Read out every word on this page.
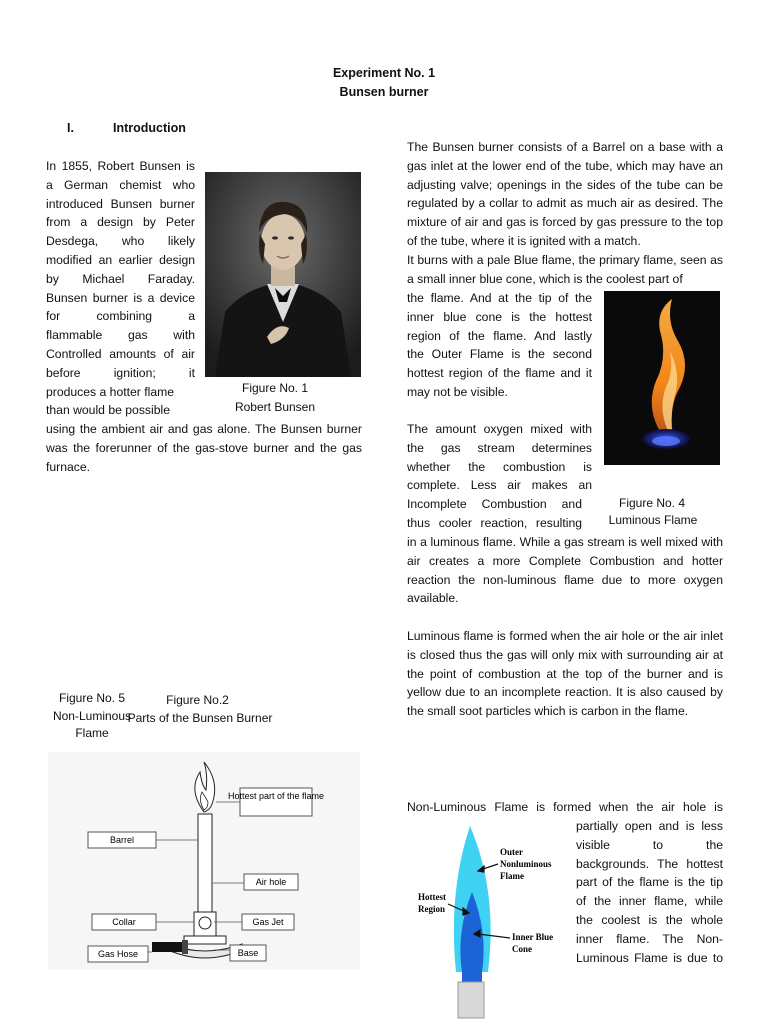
Experiment No. 1
Bunsen burner
I.	Introduction
In 1855, Robert Bunsen is
a German chemist who
introduced Bunsen burner
from a design by Peter
Desdega, who likely
modified an earlier design
by Michael Faraday.
Bunsen burner is a device
for combining a
flammable gas with
Controlled amounts of air
before ignition; it
produces a hotter flame
than would be possible
using the ambient air and gas alone. The Bunsen burner was the forerunner of the gas-stove burner and the gas furnace.
Figure No. 1
Robert Bunsen
Figure No. 5
Non-Luminous
Flame
Figure No.2
Parts of the Bunsen Burner
Hottest part of the flame
Barrel
Air hole
Collar	Gas Jet
Gas Hose	Base
The Bunsen burner consists of a Barrel on a base with a gas inlet at the lower end of the tube, which may have an adjusting valve; openings in the sides of the tube can be regulated by a collar to admit as much air as desired. The mixture of air and gas is forced by gas pressure to the top of the tube, where it is ignited with a match.
It burns with a pale Blue flame, the primary flame, seen as a small inner blue cone, which is the coolest part of
the flame. And at the tip of the
inner blue cone is the hottest
region of the flame. And lastly
the Outer Flame is the second
hottest region of the flame and it
may not be visible.
The amount oxygen mixed with
the gas stream determines
whether the combustion is
complete. Less air makes an
Incomplete Combustion and
thus cooler reaction, resulting
in a luminous flame. While a gas stream is well mixed with air creates a more Complete Combustion and hotter reaction the non-luminous flame due to more oxygen available.
Figure No. 4
Luminous Flame
Luminous flame is formed when the air hole or the air inlet is closed thus the gas will only mix with surrounding air at the point of combustion at the top of the burner and is yellow due to an incomplete reaction. It is also caused by the small soot particles which is carbon in the flame.
Non-Luminous Flame is formed when the air hole is
partially open and is less
visible to the
backgrounds. The hottest
part of the flame is the tip
of the inner flame, while
the coolest is the whole
inner flame. The Non-
Luminous Flame is due to
Outer
Nonluminous
Flame
Hottest
Region
Inner Blue
Cone
